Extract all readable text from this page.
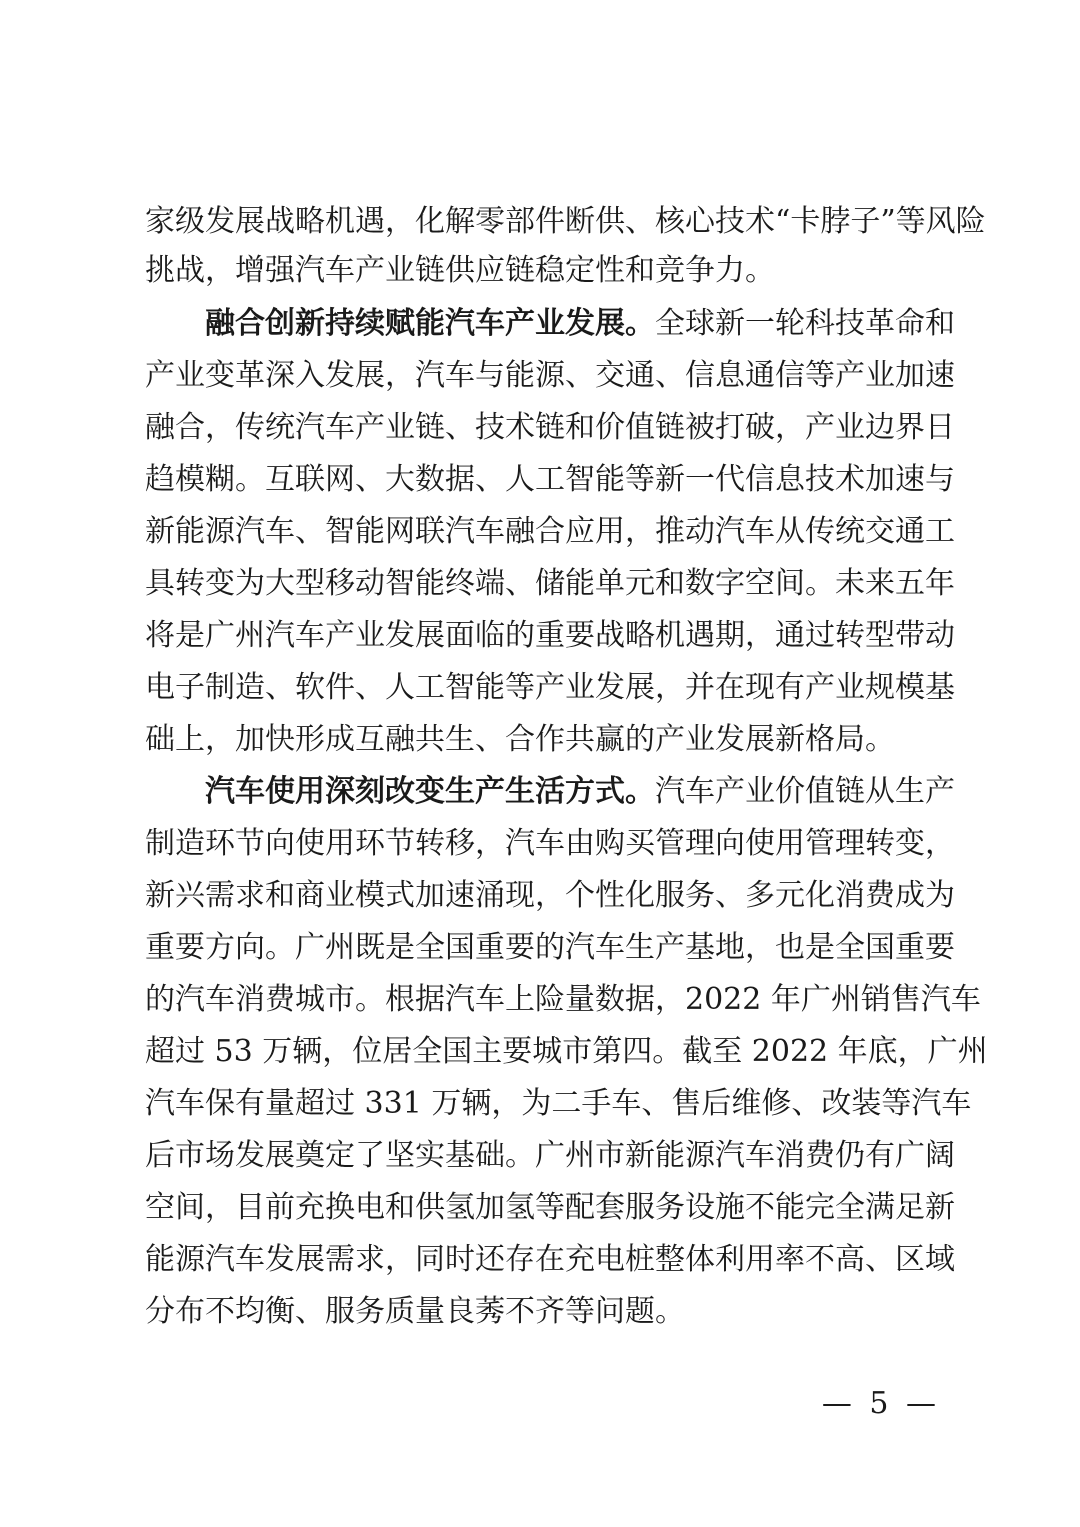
家级发展战略机遇，化解零部件断供、核心技术“卡脖子”等风险
挑战，增强汽车产业链供应链稳定性和竞争力。
融合创新持续赋能汽车产业发展。全球新一轮科技革命和
产业变革深入发展，汽车与能源、交通、信息通信等产业加速
融合，传统汽车产业链、技术链和价值链被打破，产业边界日
趋模糊。互联网、大数据、人工智能等新一代信息技术加速与
新能源汽车、智能网联汽车融合应用，推动汽车从传统交通工
具转变为大型移动智能终端、储能单元和数字空间。未来五年
将是广州汽车产业发展面临的重要战略机遇期，通过转型带动
电子制造、软件、人工智能等产业发展，并在现有产业规模基
础上，加快形成互融共生、合作共赢的产业发展新格局。
汽车使用深刻改变生产生活方式。汽车产业价值链从生产
制造环节向使用环节转移，汽车由购买管理向使用管理转变，
新兴需求和商业模式加速涌现，个性化服务、多元化消费成为
重要方向。广州既是全国重要的汽车生产基地，也是全国重要
的汽车消费城市。根据汽车上险量数据，2022 年广州销售汽车
超过 53 万辆，位居全国主要城市第四。截至 2022 年底，广州
汽车保有量超过 331 万辆，为二手车、售后维修、改装等汽车
后市场发展奠定了坚实基础。广州市新能源汽车消费仍有广阔
空间，目前充换电和供氢加氢等配套服务设施不能完全满足新
能源汽车发展需求，同时还存在充电桩整体利用率不高、区域
分布不均衡、服务质量良莠不齐等问题。
— 5 —
